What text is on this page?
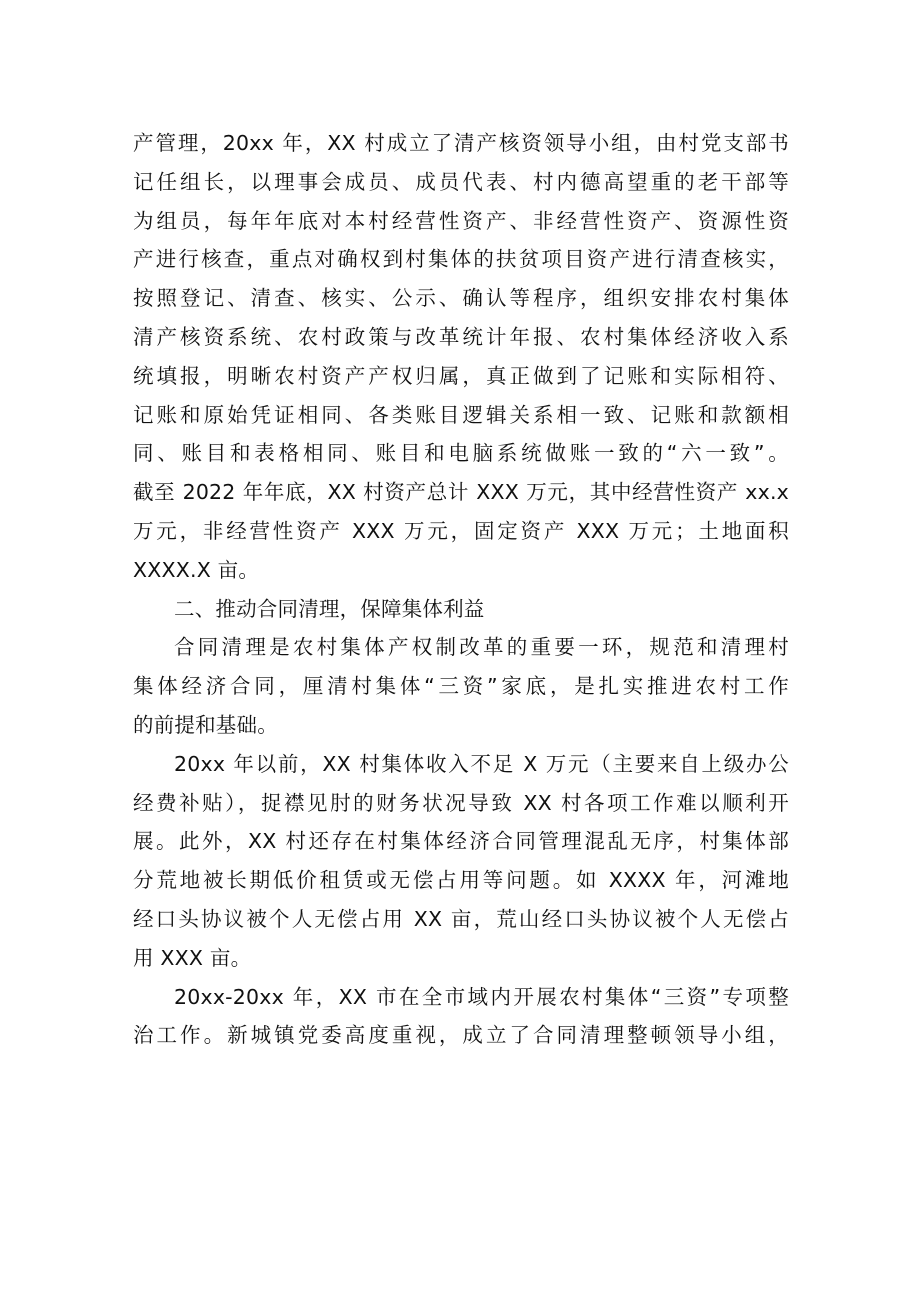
产管理，20xx 年，XX 村成立了清产核资领导小组，由村党支部书
记任组长，以理事会成员、成员代表、村内德高望重的老干部等
为组员，每年年底对本村经营性资产、非经营性资产、资源性资
产进行核查，重点对确权到村集体的扶贫项目资产进行清查核实，
按照登记、清查、核实、公示、确认等程序，组织安排农村集体
清产核资系统、农村政策与改革统计年报、农村集体经济收入系
统填报，明晰农村资产产权归属，真正做到了记账和实际相符、
记账和原始凭证相同、各类账目逻辑关系相一致、记账和款额相
同、账目和表格相同、账目和电脑系统做账一致的“六一致”。
截至 2022 年年底，XX 村资产总计 XXX 万元，其中经营性资产 xx.x
万元，非经营性资产 XXX 万元，固定资产 XXX 万元；土地面积
XXXX.X 亩。

二、推动合同清理，保障集体利益

合同清理是农村集体产权制改革的重要一环，规范和清理村
集体经济合同，厘清村集体“三资”家底，是扎实推进农村工作
的前提和基础。

20xx 年以前，XX 村集体收入不足 X 万元（主要来自上级办公
经费补贴），捉襟见肘的财务状况导致 XX 村各项工作难以顺利开
展。此外，XX 村还存在村集体经济合同管理混乱无序，村集体部
分荒地被长期低价租赁或无偿占用等问题。如 XXXX 年，河滩地
经口头协议被个人无偿占用 XX 亩，荒山经口头协议被个人无偿占
用 XXX 亩。

20xx-20xx 年，XX 市在全市域内开展农村集体“三资”专项整
治工作。新城镇党委高度重视，成立了合同清理整顿领导小组，
